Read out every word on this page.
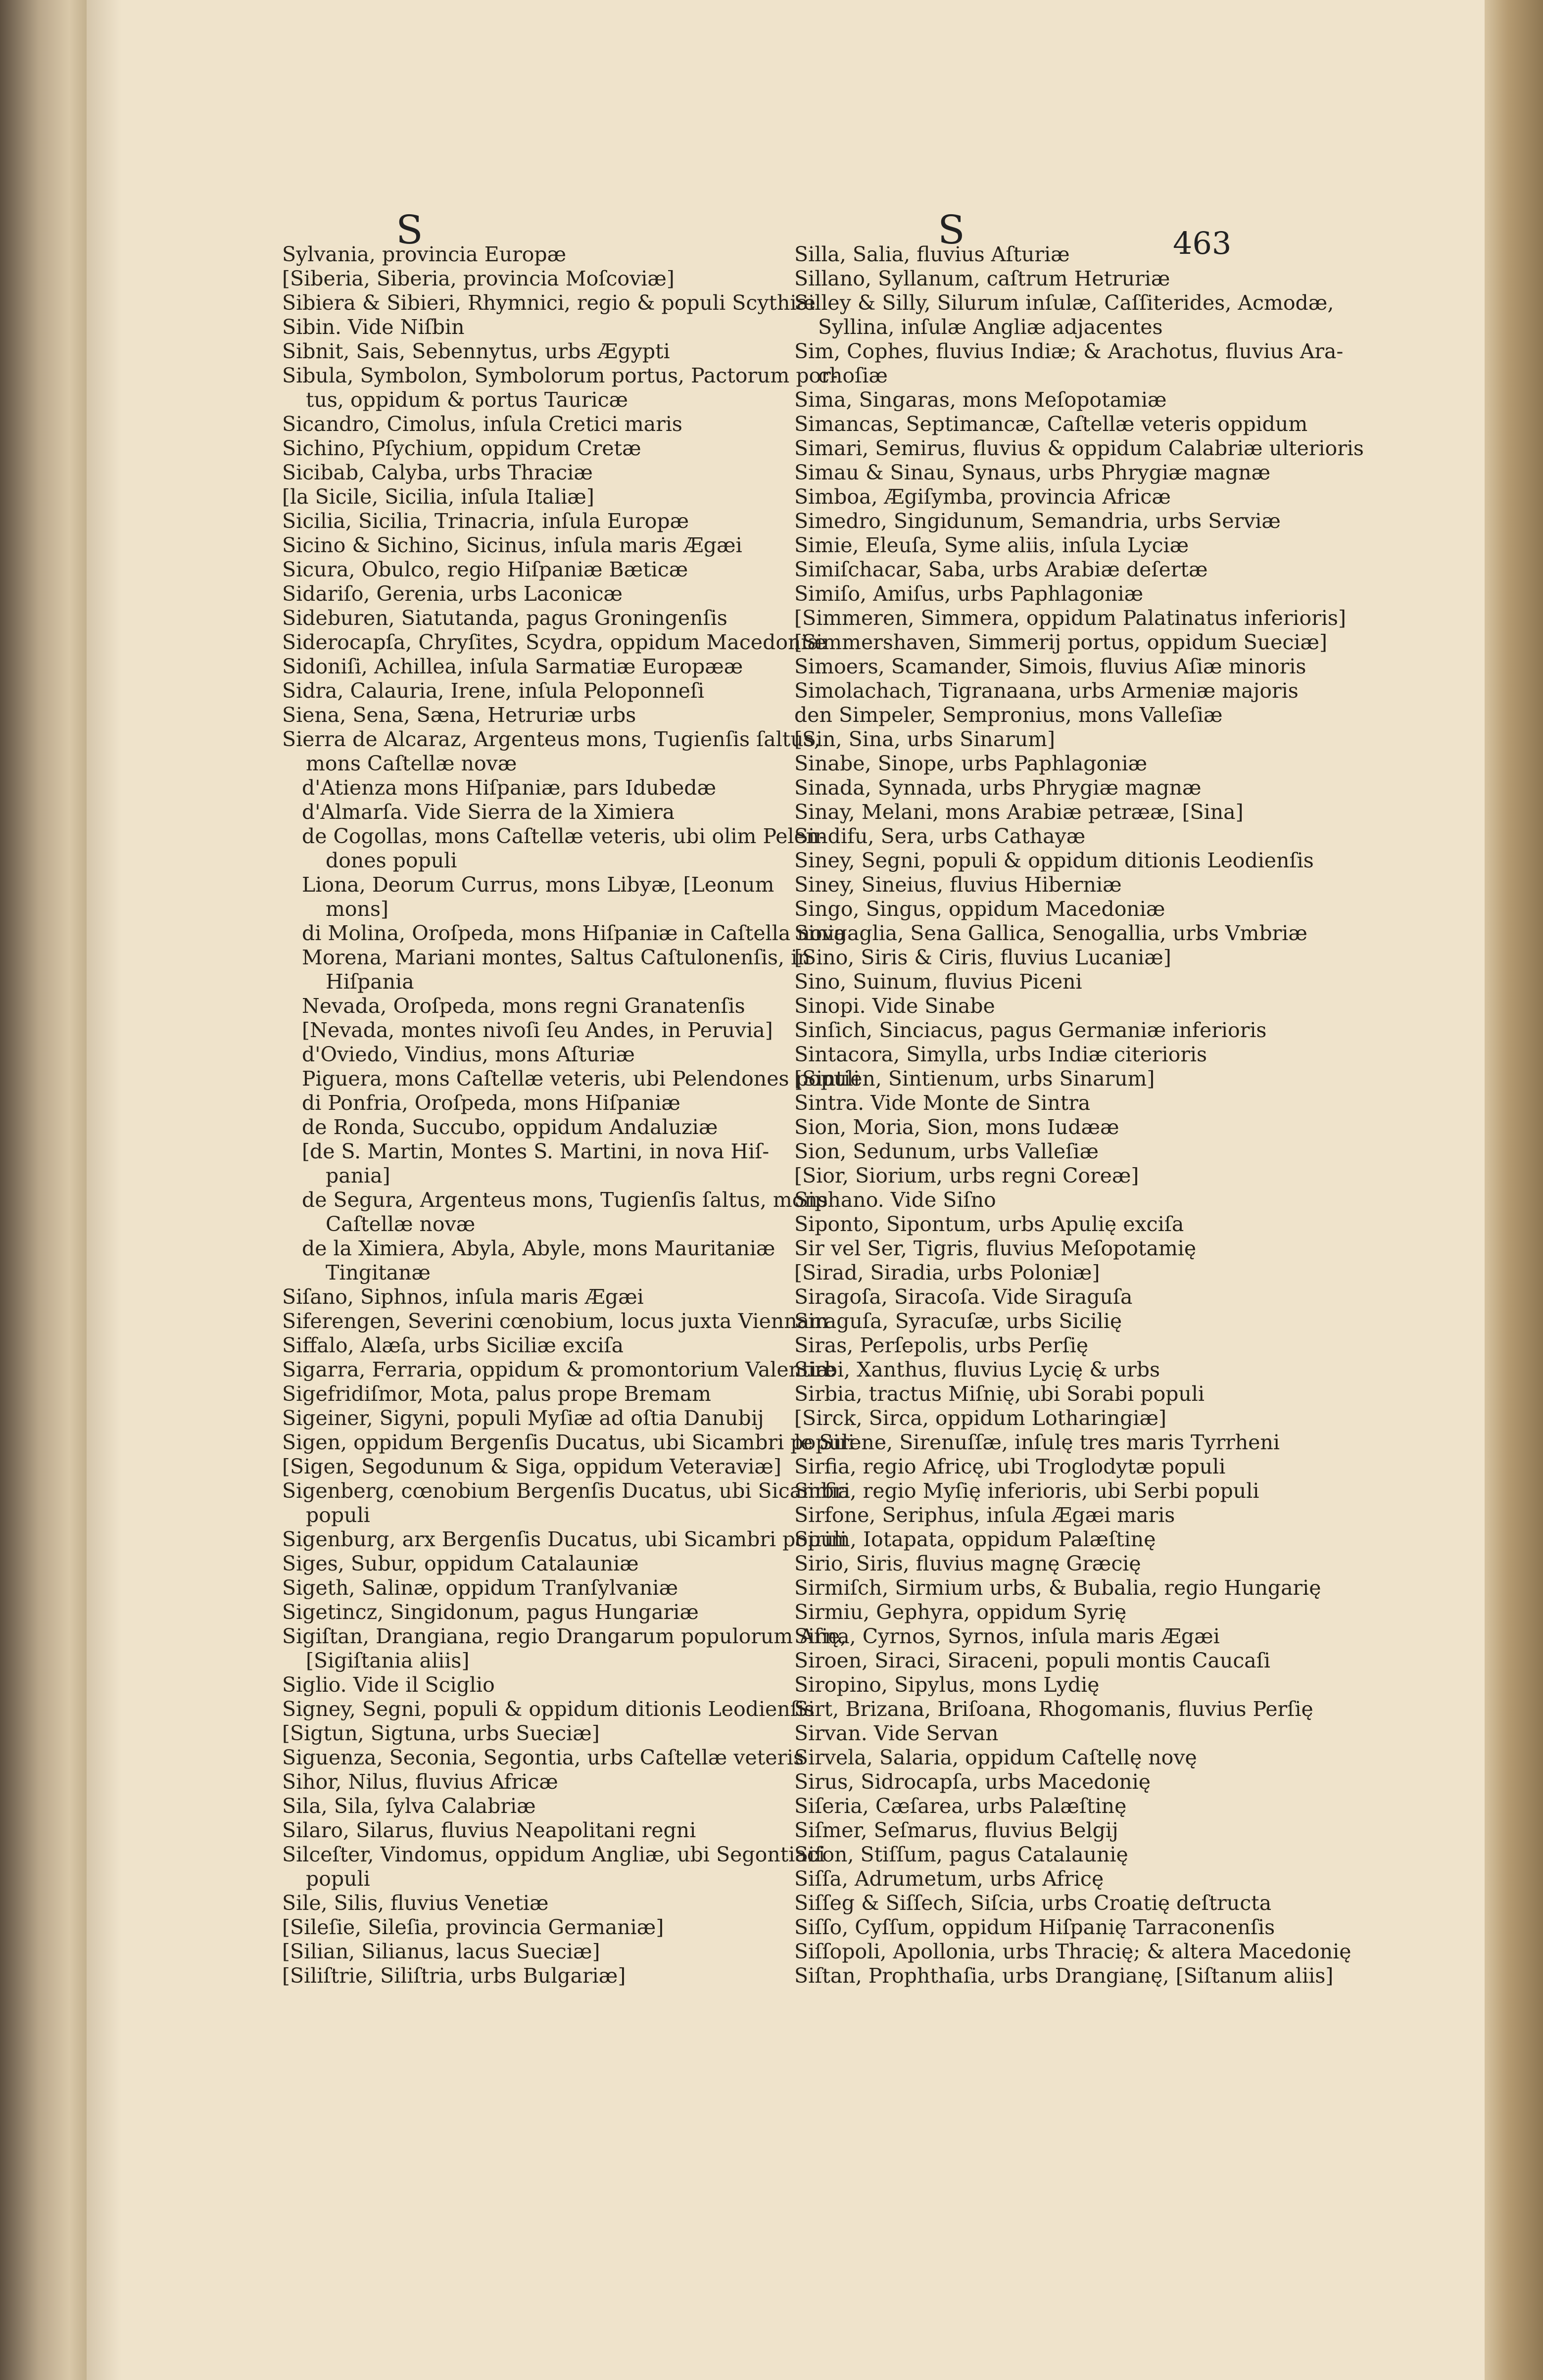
S	S	463
Sylvania, provincia Europæ
[Siberia, Siberia, provincia Moſcoviæ]
Sibiera & Sibieri, Rhymnici, regio & populi Scythiæ
Sibin. Vide Niſbin
Sibnit, Sais, Sebennytus, urbs Ægypti
Sibula, Symbolon, Symbolorum portus, Pactorum por-
tus, oppidum & portus Tauricæ
Sicandro, Cimolus, inſula Cretici maris
Sichino, Pſychium, oppidum Cretæ
Sicibab, Calyba, urbs Thraciæ
[la Sicile, Sicilia, inſula Italiæ]
Sicilia, Sicilia, Trinacria, inſula Europæ
Sicino & Sichino, Sicinus, inſula maris Ægæi
Sicura, Obulco, regio Hiſpaniæ Bæticæ
Sidariſo, Gerenia, urbs Laconicæ
Sideburen, Siatutanda, pagus Groningenſis
Siderocapſa, Chryſites, Scydra, oppidum Macedoniæ
Sidoniſi, Achillea, inſula Sarmatiæ Europææ
Sidra, Calauria, Irene, inſula Peloponneſi
Siena, Sena, Sæna, Hetruriæ urbs
Sierra de Alcaraz, Argenteus mons, Tugienſis ſaltus,
mons Caſtellæ novæ
d'Atienza mons Hiſpaniæ, pars Idubedæ
d'Almarſa. Vide Sierra de la Ximiera
de Cogollas, mons Caſtellæ veteris, ubi olim Pelen-
dones populi
Liona, Deorum Currus, mons Libyæ, [Leonum
mons]
di Molina, Oroſpeda, mons Hiſpaniæ in Caſtella nova
Morena, Mariani montes, Saltus Caſtulonenſis, in
Hiſpania
Nevada, Oroſpeda, mons regni Granatenſis
[Nevada, montes nivoſi ſeu Andes, in Peruvia]
d'Oviedo, Vindius, mons Aſturiæ
Piguera, mons Caſtellæ veteris, ubi Pelendones populi
di Ponfria, Oroſpeda, mons Hiſpaniæ
de Ronda, Succubo, oppidum Andaluziæ
[de S. Martin, Montes S. Martini, in nova Hiſ-
pania]
de Segura, Argenteus mons, Tugienſis ſaltus, mons
Caſtellæ novæ
de la Ximiera, Abyla, Abyle, mons Mauritaniæ
Tingitanæ
Siſano, Siphnos, inſula maris Ægæi
Siferengen, Severini cœnobium, locus juxta Viennam
Siffalo, Alæſa, urbs Siciliæ exciſa
Sigarra, Ferraria, oppidum & promontorium Valentiæ
Sigefridiſmor, Mota, palus prope Bremam
Sigeiner, Sigyni, populi Myſiæ ad oſtia Danubij
Sigen, oppidum Bergenſis Ducatus, ubi Sicambri populi
[Sigen, Segodunum & Siga, oppidum Veteraviæ]
Sigenberg, cœnobium Bergenſis Ducatus, ubi Sicambri
populi
Sigenburg, arx Bergenſis Ducatus, ubi Sicambri populi
Siges, Subur, oppidum Catalauniæ
Sigeth, Salinæ, oppidum Tranſylvaniæ
Sigetincz, Singidonum, pagus Hungariæ
Sigiſtan, Drangiana, regio Drangarum populorum Aſię,
[Sigiſtania aliis]
Siglio. Vide il Sciglio
Signey, Segni, populi & oppidum ditionis Leodienſis
[Sigtun, Sigtuna, urbs Sueciæ]
Siguenza, Seconia, Segontia, urbs Caſtellæ veteris
Sihor, Nilus, fluvius Africæ
Sila, Sila, ſylva Calabriæ
Silaro, Silarus, fluvius Neapolitani regni
Silceſter, Vindomus, oppidum Angliæ, ubi Segontiaci
populi
Sile, Silis, fluvius Venetiæ
[Sileſie, Sileſia, provincia Germaniæ]
[Silian, Silianus, lacus Sueciæ]
[Siliſtrie, Siliſtria, urbs Bulgariæ]
Silla, Salia, fluvius Aſturiæ
Sillano, Syllanum, caſtrum Hetruriæ
Silley & Silly, Silurum inſulæ, Caſſiterides, Acmodæ,
Syllina, inſulæ Angliæ adjacentes
Sim, Cophes, fluvius Indiæ; & Arachotus, fluvius Ara-
choſiæ
Sima, Singaras, mons Meſopotamiæ
Simancas, Septimancæ, Caſtellæ veteris oppidum
Simari, Semirus, fluvius & oppidum Calabriæ ulterioris
Simau & Sinau, Synaus, urbs Phrygiæ magnæ
Simboa, Ægiſymba, provincia Africæ
Simedro, Singidunum, Semandria, urbs Serviæ
Simie, Eleuſa, Syme aliis, inſula Lyciæ
Simiſchacar, Saba, urbs Arabiæ deſertæ
Simiſo, Amiſus, urbs Paphlagoniæ
[Simmeren, Simmera, oppidum Palatinatus inferioris]
[Simmershaven, Simmerij portus, oppidum Sueciæ]
Simoers, Scamander, Simois, fluvius Aſiæ minoris
Simolachach, Tigranaana, urbs Armeniæ majoris
den Simpeler, Sempronius, mons Valleſiæ
[Sin, Sina, urbs Sinarum]
Sinabe, Sinope, urbs Paphlagoniæ
Sinada, Synnada, urbs Phrygiæ magnæ
Sinay, Melani, mons Arabiæ petrææ, [Sina]
Sindifu, Sera, urbs Cathayæ
Siney, Segni, populi & oppidum ditionis Leodienſis
Siney, Sineius, fluvius Hiberniæ
Singo, Singus, oppidum Macedoniæ
Sinigaglia, Sena Gallica, Senogallia, urbs Vmbriæ
[Sino, Siris & Ciris, fluvius Lucaniæ]
Sino, Suinum, fluvius Piceni
Sinopi. Vide Sinabe
Sinſich, Sinciacus, pagus Germaniæ inferioris
Sintacora, Simylla, urbs Indiæ citerioris
[Sintien, Sintienum, urbs Sinarum]
Sintra. Vide Monte de Sintra
Sion, Moria, Sion, mons Iudææ
Sion, Sedunum, urbs Valleſiæ
[Sior, Siorium, urbs regni Coreæ]
Siphano. Vide Siſno
Siponto, Sipontum, urbs Apulię exciſa
Sir vel Ser, Tigris, fluvius Meſopotamię
[Sirad, Siradia, urbs Poloniæ]
Siragoſa, Siracoſa. Vide Siraguſa
Siraguſa, Syracuſæ, urbs Sicilię
Siras, Perſepolis, urbs Perſię
Sirbi, Xanthus, fluvius Lycię & urbs
Sirbia, tractus Miſnię, ubi Sorabi populi
[Sirck, Sirca, oppidum Lotharingiæ]
le Sirene, Sirenuſſæ, inſulę tres maris Tyrrheni
Sirfia, regio Africę, ubi Troglodytæ populi
Sirfia, regio Myſię inferioris, ubi Serbi populi
Sirfone, Seriphus, inſula Ægæi maris
Sirim, Iotapata, oppidum Palæſtinę
Sirio, Siris, fluvius magnę Græcię
Sirmiſch, Sirmium urbs, & Bubalia, regio Hungarię
Sirmiu, Gephyra, oppidum Syrię
Sirna, Cyrnos, Syrnos, inſula maris Ægæi
Siroen, Siraci, Siraceni, populi montis Caucaſi
Siropino, Sipylus, mons Lydię
Sirt, Brizana, Briſoana, Rhogomanis, fluvius Perſię
Sirvan. Vide Servan
Sirvela, Salaria, oppidum Caſtellę novę
Sirus, Sidrocapſa, urbs Macedonię
Siſeria, Cæſarea, urbs Palæſtinę
Siſmer, Seſmarus, fluvius Belgij
Siſon, Stiſſum, pagus Catalaunię
Siſſa, Adrumetum, urbs Africę
Siſſeg & Siſſech, Siſcia, urbs Croatię deſtructa
Siſſo, Cyſſum, oppidum Hiſpanię Tarraconenſis
Siſſopoli, Apollonia, urbs Thracię; & altera Macedonię
Siſtan, Prophthaſia, urbs Drangianę, [Siſtanum aliis]
